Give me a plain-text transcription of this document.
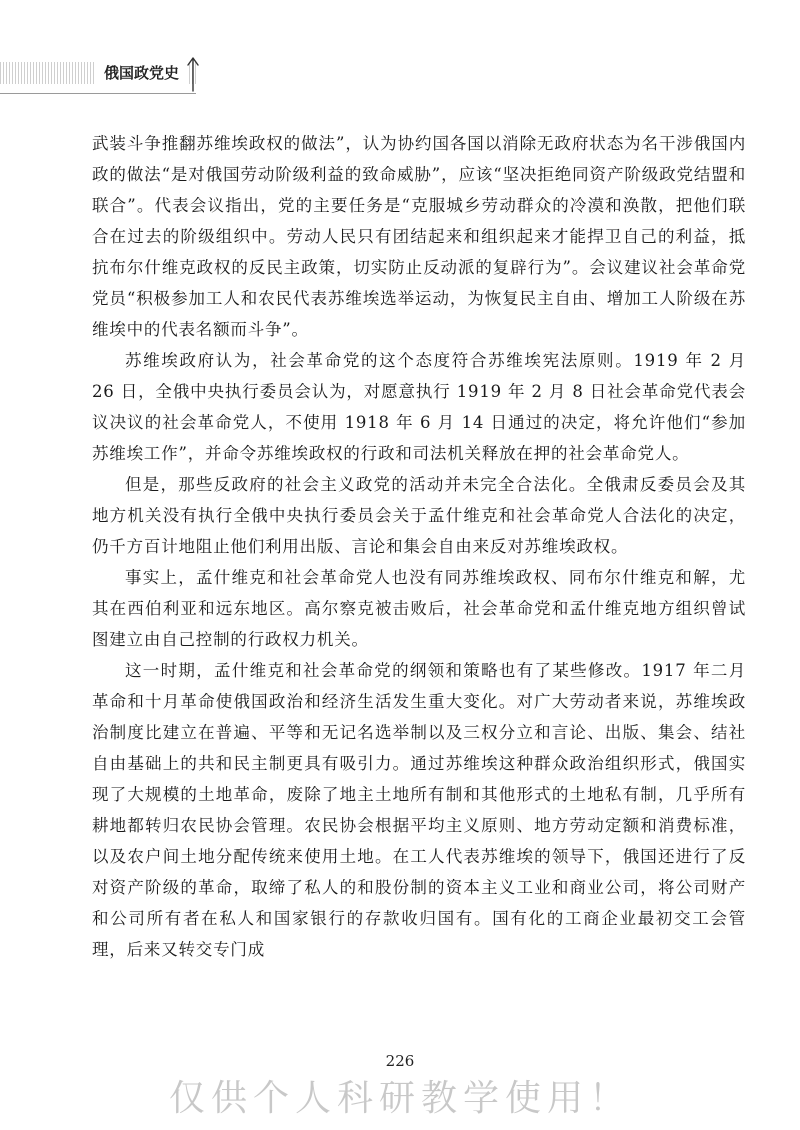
俄国政党史

武装斗争推翻苏维埃政权的做法”，认为协约国各国以消除无政府状态为名干涉俄国内政的做法“是对俄国劳动阶级利益的致命威胁”，应该“坚决拒绝同资产阶级政党结盟和联合”。代表会议指出，党的主要任务是“克服城乡劳动群众的冷漠和涣散，把他们联合在过去的阶级组织中。劳动人民只有团结起来和组织起来才能捍卫自己的利益，抵抗布尔什维克政权的反民主政策，切实防止反动派的复辟行为”。会议建议社会革命党党员“积极参加工人和农民代表苏维埃选举运动，为恢复民主自由、增加工人阶级在苏维埃中的代表名额而斗争”。

苏维埃政府认为，社会革命党的这个态度符合苏维埃宪法原则。1919 年 2 月 26 日，全俄中央执行委员会认为，对愿意执行 1919 年 2 月 8 日社会革命党代表会议决议的社会革命党人，不使用 1918 年 6 月 14 日通过的决定，将允许他们“参加苏维埃工作”，并命令苏维埃政权的行政和司法机关释放在押的社会革命党人。

但是，那些反政府的社会主义政党的活动并未完全合法化。全俄肃反委员会及其地方机关没有执行全俄中央执行委员会关于孟什维克和社会革命党人合法化的决定，仍千方百计地阻止他们利用出版、言论和集会自由来反对苏维埃政权。

事实上，孟什维克和社会革命党人也没有同苏维埃政权、同布尔什维克和解，尤其在西伯利亚和远东地区。高尔察克被击败后，社会革命党和孟什维克地方组织曾试图建立由自己控制的行政权力机关。

这一时期，孟什维克和社会革命党的纲领和策略也有了某些修改。1917 年二月革命和十月革命使俄国政治和经济生活发生重大变化。对广大劳动者来说，苏维埃政治制度比建立在普遍、平等和无记名选举制以及三权分立和言论、出版、集会、结社自由基础上的共和民主制更具有吸引力。通过苏维埃这种群众政治组织形式，俄国实现了大规模的土地革命，废除了地主土地所有制和其他形式的土地私有制，几乎所有耕地都转归农民协会管理。农民协会根据平均主义原则、地方劳动定额和消费标准，以及农户间土地分配传统来使用土地。在工人代表苏维埃的领导下，俄国还进行了反对资产阶级的革命，取缔了私人的和股份制的资本主义工业和商业公司，将公司财产和公司所有者在私人和国家银行的存款收归国有。国有化的工商企业最初交工会管理，后来又转交专门成

226
仅供个人科研教学使用！
